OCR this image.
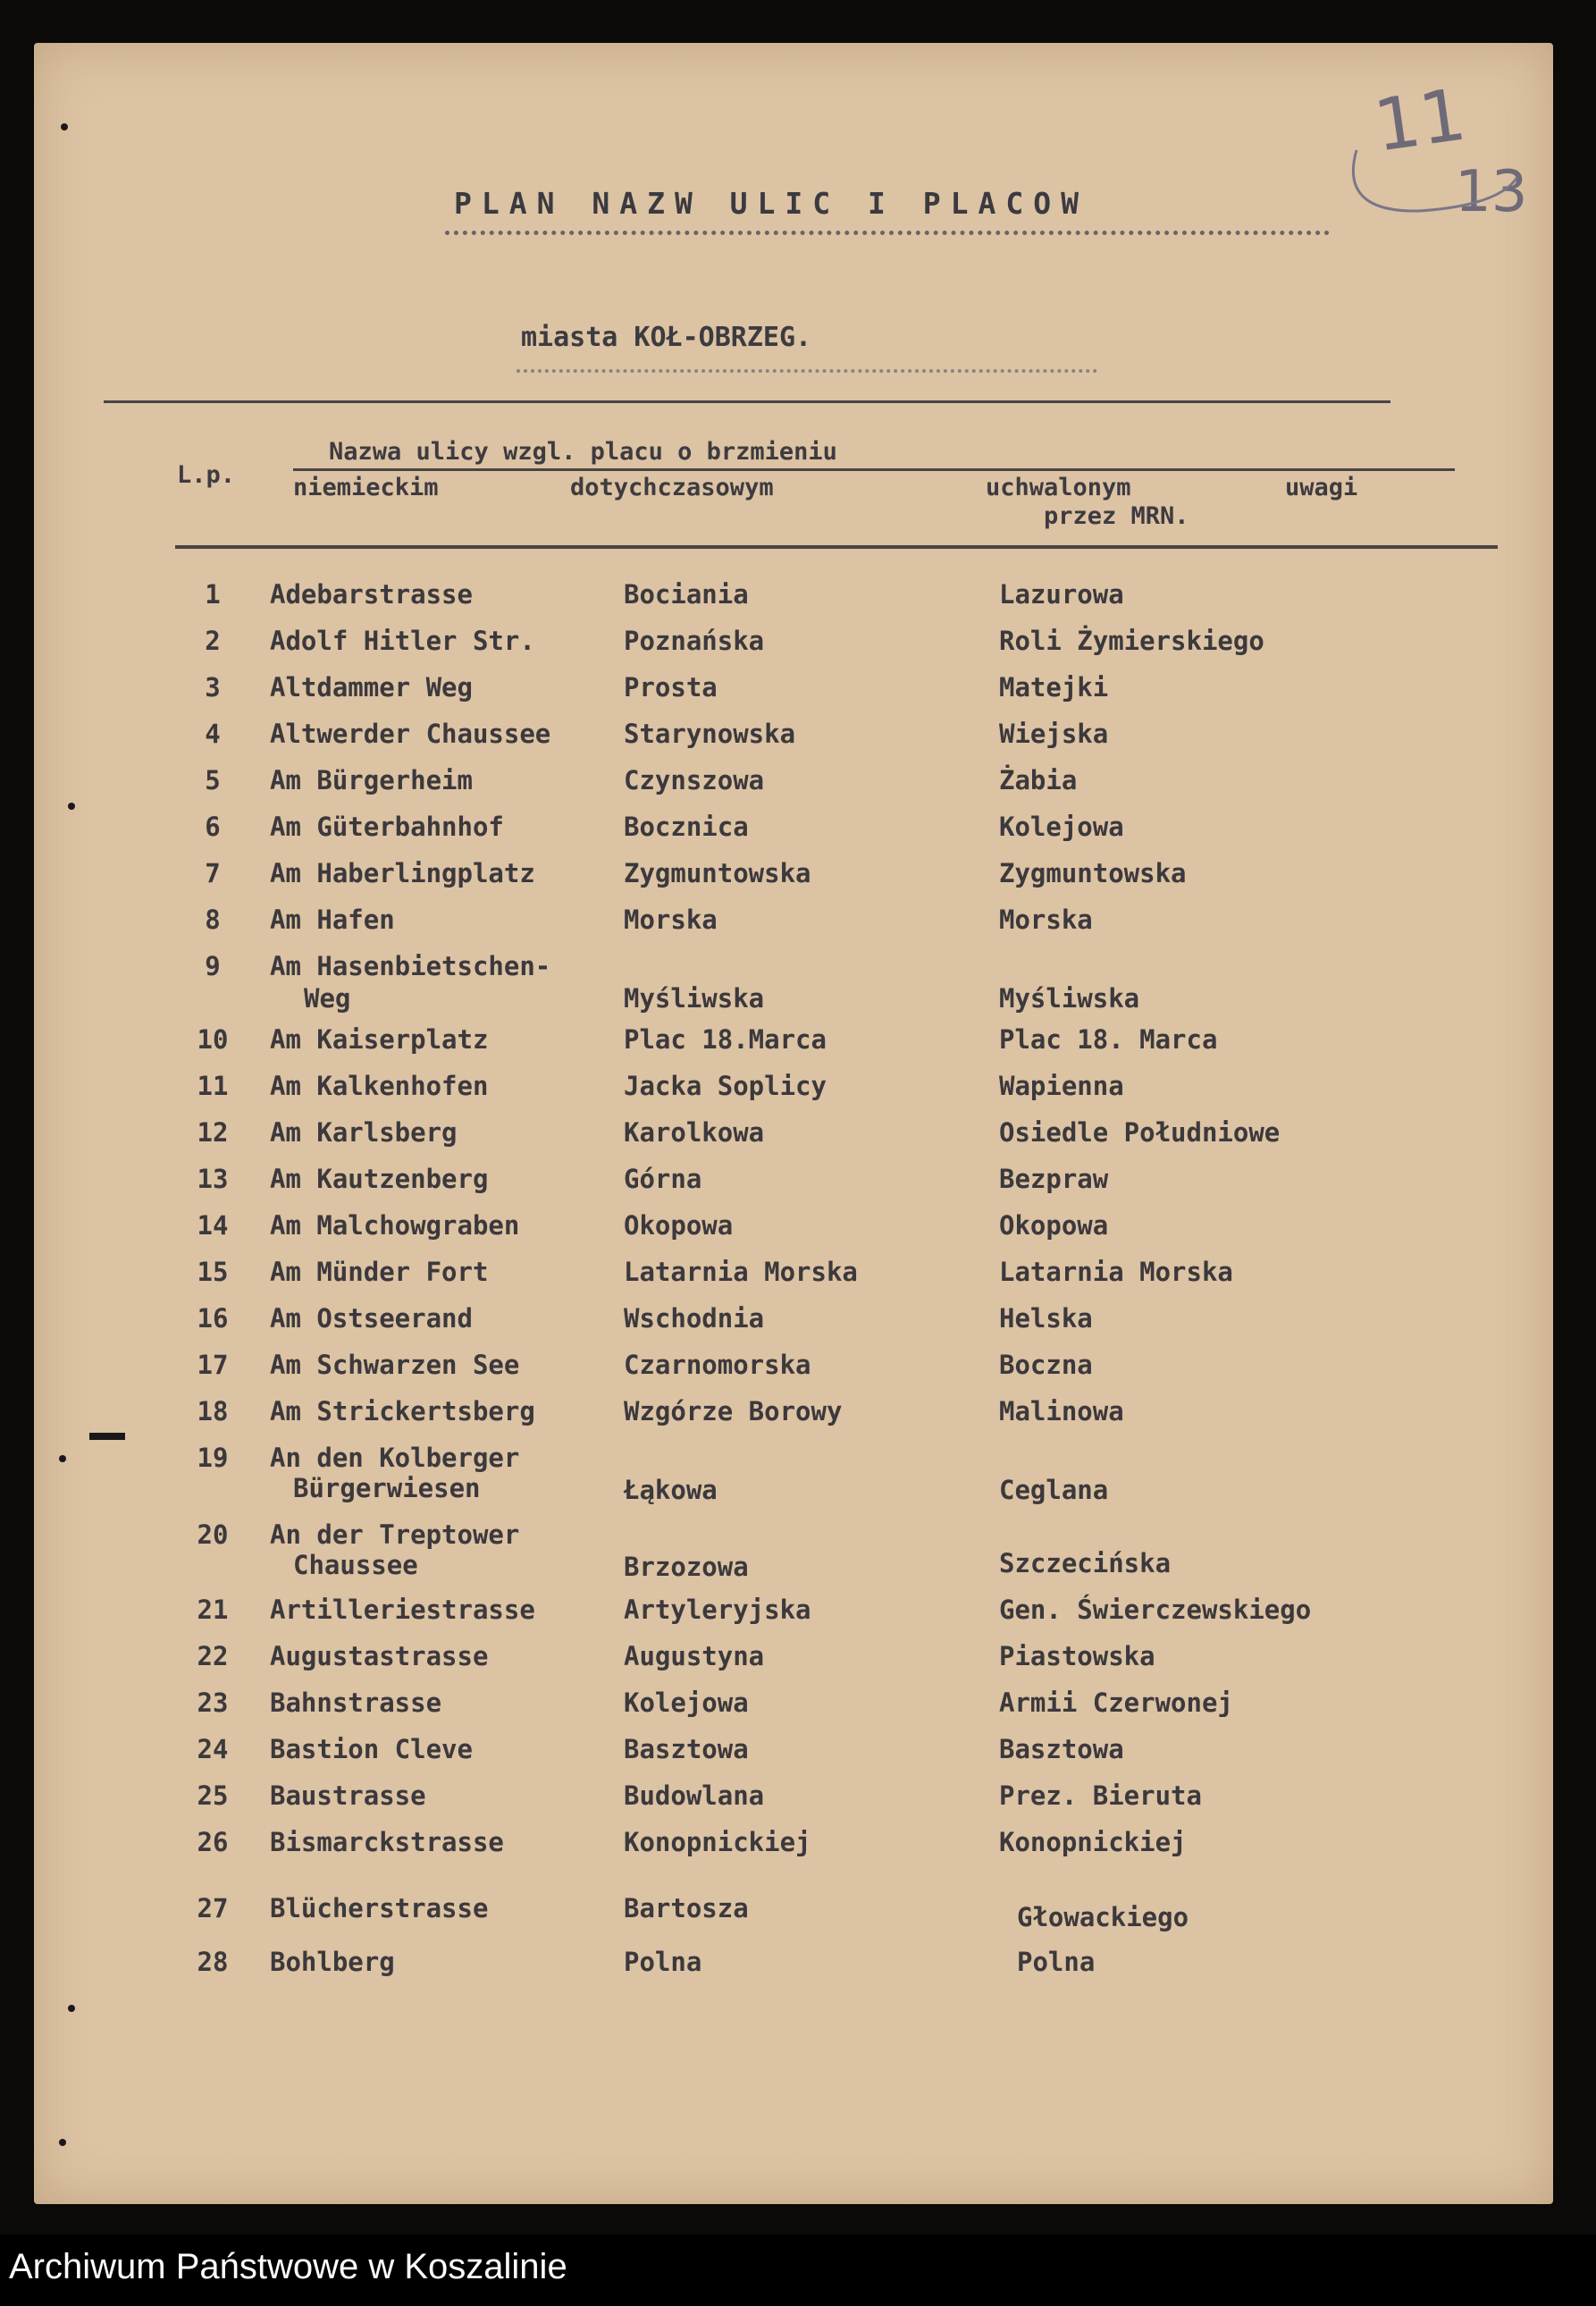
PLAN NAZW ULIC I PLACOW
miasta KOŁ-OBRZEG.
11
13
L.p.
Nazwa ulicy wzgl. placu o brzmieniu
niemieckim	dotychczasowym	uchwalonym
przez MRN.
uwagi
1	Adebarstrasse	Bociania	Lazurowa
2	Adolf Hitler Str.	Poznańska	Roli Żymierskiego
3	Altdammer Weg	Prosta	Matejki
4	Altwerder Chaussee	Starynowska	Wiejska
5	Am Bürgerheim	Czynszowa	Żabia
6	Am Güterbahnhof	Bocznica	Kolejowa
7	Am Haberlingplatz	Zygmuntowska	Zygmuntowska
8	Am Hafen	Morska	Morska
9	Am Hasenbietschen-
Weg	Myśliwska	Myśliwska
10	Am Kaiserplatz	Plac 18.Marca	Plac 18. Marca
11	Am Kalkenhofen	Jacka Soplicy	Wapienna
12	Am Karlsberg	Karolkowa	Osiedle Południowe
13	Am Kautzenberg	Górna	Bezpraw
14	Am Malchowgraben	Okopowa	Okopowa
15	Am Münder Fort	Latarnia Morska	Latarnia Morska
16	Am Ostseerand	Wschodnia	Helska
17	Am Schwarzen See	Czarnomorska	Boczna
18	Am Strickertsberg	Wzgórze Borowy	Malinowa
19	An den Kolberger
Bürgerwiesen	Łąkowa	Ceglana
20	An der Treptower
Chaussee	Brzozowa	Szczecińska
21	Artilleriestrasse	Artyleryjska	Gen. Świerczewskiego
22	Augustastrasse	Augustyna	Piastowska
23	Bahnstrasse	Kolejowa	Armii Czerwonej
24	Bastion Cleve	Basztowa	Basztowa
25	Baustrasse	Budowlana	Prez. Bieruta
26	Bismarckstrasse	Konopnickiej	Konopnickiej
27	Blücherstrasse	Bartosza	Głowackiego
28	Bohlberg	Polna	Polna
Archiwum Państwowe w Koszalinie
